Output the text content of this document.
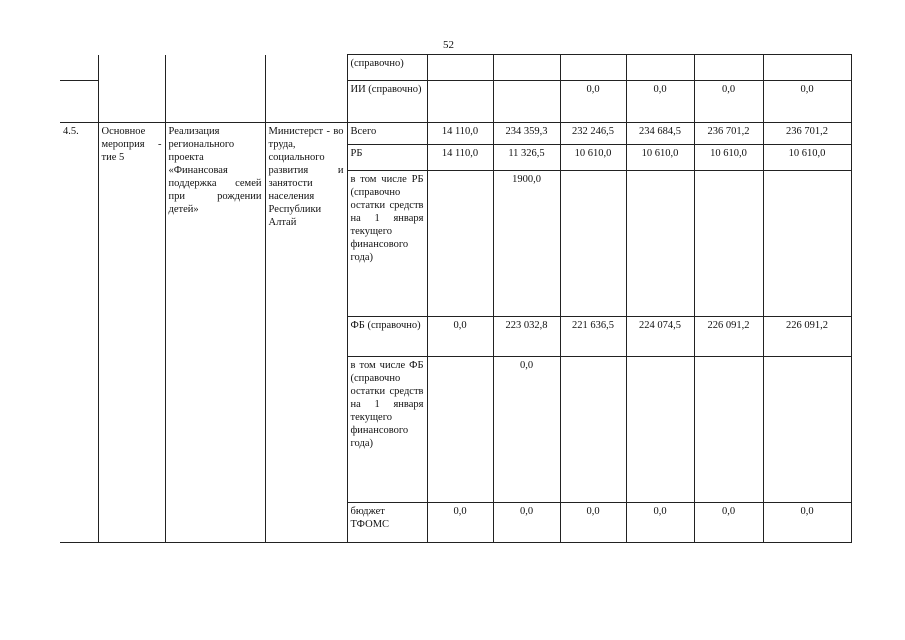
52
				(справочно)						
				ИИ (справочно)			0,0	0,0	0,0	0,0
4.5.	Основное мероприя - тие 5	Реализация регионального проекта «Финансовая поддержка семей при рождении детей»	Министерст - во труда, социального развития и занятости населения Республики Алтай	Всего	14 110,0	234 359,3	232 246,5	234 684,5	236 701,2	236 701,2
				РБ	14 110,0	11 326,5	10 610,0	10 610,0	10 610,0	10 610,0
				в том числе РБ (справочно остатки средств на 1 января текущего финансового года)		1900,0				
				ФБ (справочно)	0,0	223 032,8	221 636,5	224 074,5	226 091,2	226 091,2
				в том числе ФБ (справочно остатки средств на 1 января текущего финансового года)		0,0				
				бюджет ТФОМС	0,0	0,0	0,0	0,0	0,0	0,0
